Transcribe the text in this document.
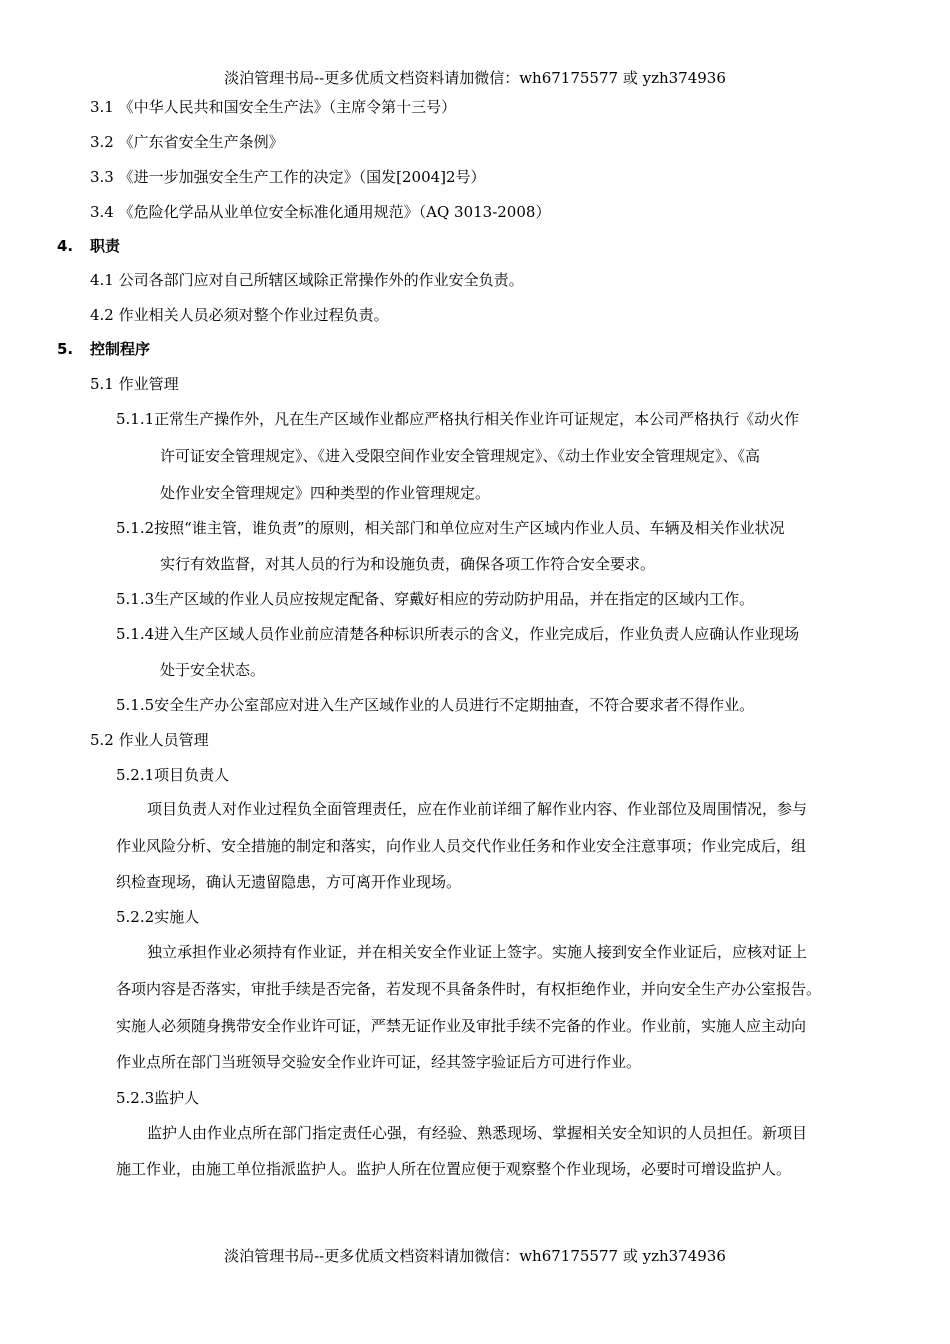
淡泊管理书局--更多优质文档资料请加微信：wh67175577 或 yzh374936
3.1 《中华人民共和国安全生产法》（主席令第十三号）
3.2 《广东省安全生产条例》
3.3 《进一步加强安全生产工作的决定》（国发[2004]2号）
3.4 《危险化学品从业单位安全标准化通用规范》（AQ 3013-2008）
4. 职责
4.1 公司各部门应对自己所辖区域除正常操作外的作业安全负责。
4.2 作业相关人员必须对整个作业过程负责。
5. 控制程序
5.1 作业管理
5.1.1正常生产操作外，凡在生产区域作业都应严格执行相关作业许可证规定，本公司严格执行《动火作
许可证安全管理规定》、《进入受限空间作业安全管理规定》、《动土作业安全管理规定》、《高
处作业安全管理规定》四种类型的作业管理规定。
5.1.2按照“谁主管，谁负责”的原则，相关部门和单位应对生产区域内作业人员、车辆及相关作业状况
实行有效监督，对其人员的行为和设施负责，确保各项工作符合安全要求。
5.1.3生产区域的作业人员应按规定配备、穿戴好相应的劳动防护用品，并在指定的区域内工作。
5.1.4进入生产区域人员作业前应清楚各种标识所表示的含义，作业完成后，作业负责人应确认作业现场
处于安全状态。
5.1.5安全生产办公室部应对进入生产区域作业的人员进行不定期抽查，不符合要求者不得作业。
5.2 作业人员管理
5.2.1项目负责人
项目负责人对作业过程负全面管理责任，应在作业前详细了解作业内容、作业部位及周围情况，参与
作业风险分析、安全措施的制定和落实，向作业人员交代作业任务和作业安全注意事项；作业完成后，组
织检查现场，确认无遗留隐患，方可离开作业现场。
5.2.2实施人
独立承担作业必须持有作业证，并在相关安全作业证上签字。实施人接到安全作业证后，应核对证上
各项内容是否落实，审批手续是否完备，若发现不具备条件时，有权拒绝作业，并向安全生产办公室报告。
实施人必须随身携带安全作业许可证，严禁无证作业及审批手续不完备的作业。作业前，实施人应主动向
作业点所在部门当班领导交验安全作业许可证，经其签字验证后方可进行作业。
5.2.3监护人
监护人由作业点所在部门指定责任心强，有经验、熟悉现场、掌握相关安全知识的人员担任。新项目
施工作业，由施工单位指派监护人。监护人所在位置应便于观察整个作业现场，必要时可增设监护人。
淡泊管理书局--更多优质文档资料请加微信：wh67175577 或 yzh374936
